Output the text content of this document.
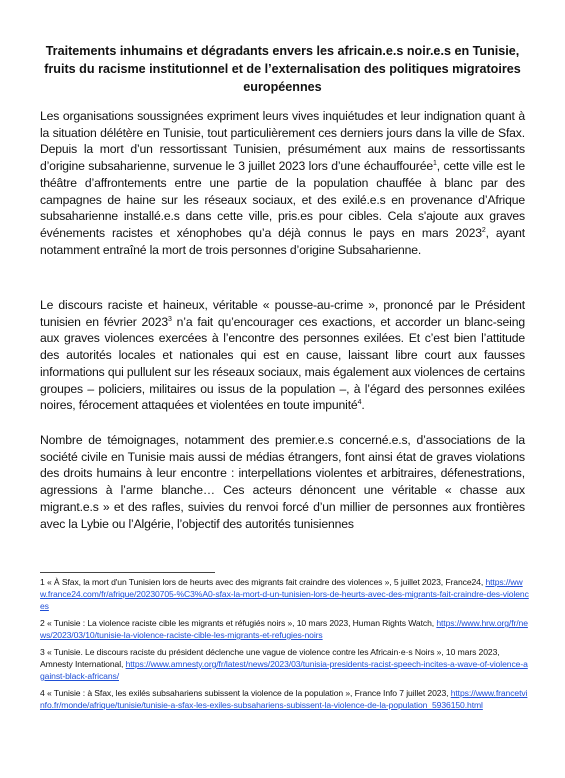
Traitements inhumains et dégradants envers les africain.e.s noir.e.s en Tunisie, fruits du racisme institutionnel et de l’externalisation des politiques migratoires européennes
Les organisations soussignées expriment leurs vives inquiétudes et leur indignation quant à la situation délétère en Tunisie, tout particulièrement ces derniers jours dans la ville de Sfax. Depuis la mort d’un ressortissant Tunisien, présumément aux mains de ressortissants d’origine subsaharienne, survenue le 3 juillet 2023 lors d’une échauffourée$^1$, cette ville est le théâtre d’affrontements entre une partie de la population chauffée à blanc par des campagnes de haine sur les réseaux sociaux, et des exilé.e.s en provenance d’Afrique subsaharienne installé.e.s dans cette ville, pris.es pour cibles. Cela s'ajoute aux graves événements racistes et xénophobes qu’a déjà connus le pays en mars 2023$^2$, ayant notamment entraîné la mort de trois personnes d’origine Subsaharienne.
Le discours raciste et haineux, véritable « pousse-au-crime », prononcé par le Président tunisien en février 2023$^3$ n’a fait qu’encourager ces exactions, et accorder un blanc-seing aux graves violences exercées à l’encontre des personnes exilées. Et c’est bien l’attitude des autorités locales et nationales qui est en cause, laissant libre court aux fausses informations qui pullulent sur les réseaux sociaux, mais également aux violences de certains groupes – policiers, militaires ou issus de la population –, à l’égard des personnes exilées noires, férocement attaquées et violentées en toute impunité$^4$.
Nombre de témoignages, notamment des premier.e.s concerné.e.s, d’associations de la société civile en Tunisie mais aussi de médias étrangers, font ainsi état de graves violations des droits humains à leur encontre : interpellations violentes et arbitraires, défenestrations, agressions à l’arme blanche… Ces acteurs dénoncent une véritable « chasse aux migrant.e.s » et des rafles, suivies du renvoi forcé d’un millier de personnes aux frontières avec la Lybie ou l’Algérie, l’objectif des autorités tunisiennes
1 « À Sfax, la mort d'un Tunisien lors de heurts avec des migrants fait craindre des violences », 5 juillet 2023, France24, https://www.france24.com/fr/afrique/20230705-%C3%A0-sfax-la-mort-d-un-tunisien-lors-de-heurts-avec-des-migrants-fait-craindre-des-violences
2 « Tunisie : La violence raciste cible les migrants et réfugiés noirs », 10 mars 2023, Human Rights Watch, https://www.hrw.org/fr/news/2023/03/10/tunisie-la-violence-raciste-cible-les-migrants-et-refugies-noirs
3 « Tunisie. Le discours raciste du président déclenche une vague de violence contre les Africain·e·s Noirs », 10 mars 2023, Amnesty International, https://www.amnesty.org/fr/latest/news/2023/03/tunisia-presidents-racist-speech-incites-a-wave-of-violence-against-black-africans/
4 « Tunisie : à Sfax, les exilés subsahariens subissent la violence de la population », France Info 7 juillet 2023, https://www.francetvinfo.fr/monde/afrique/tunisie/tunisie-a-sfax-les-exiles-subsahariens-subissent-la-violence-de-la-population_5936150.html
